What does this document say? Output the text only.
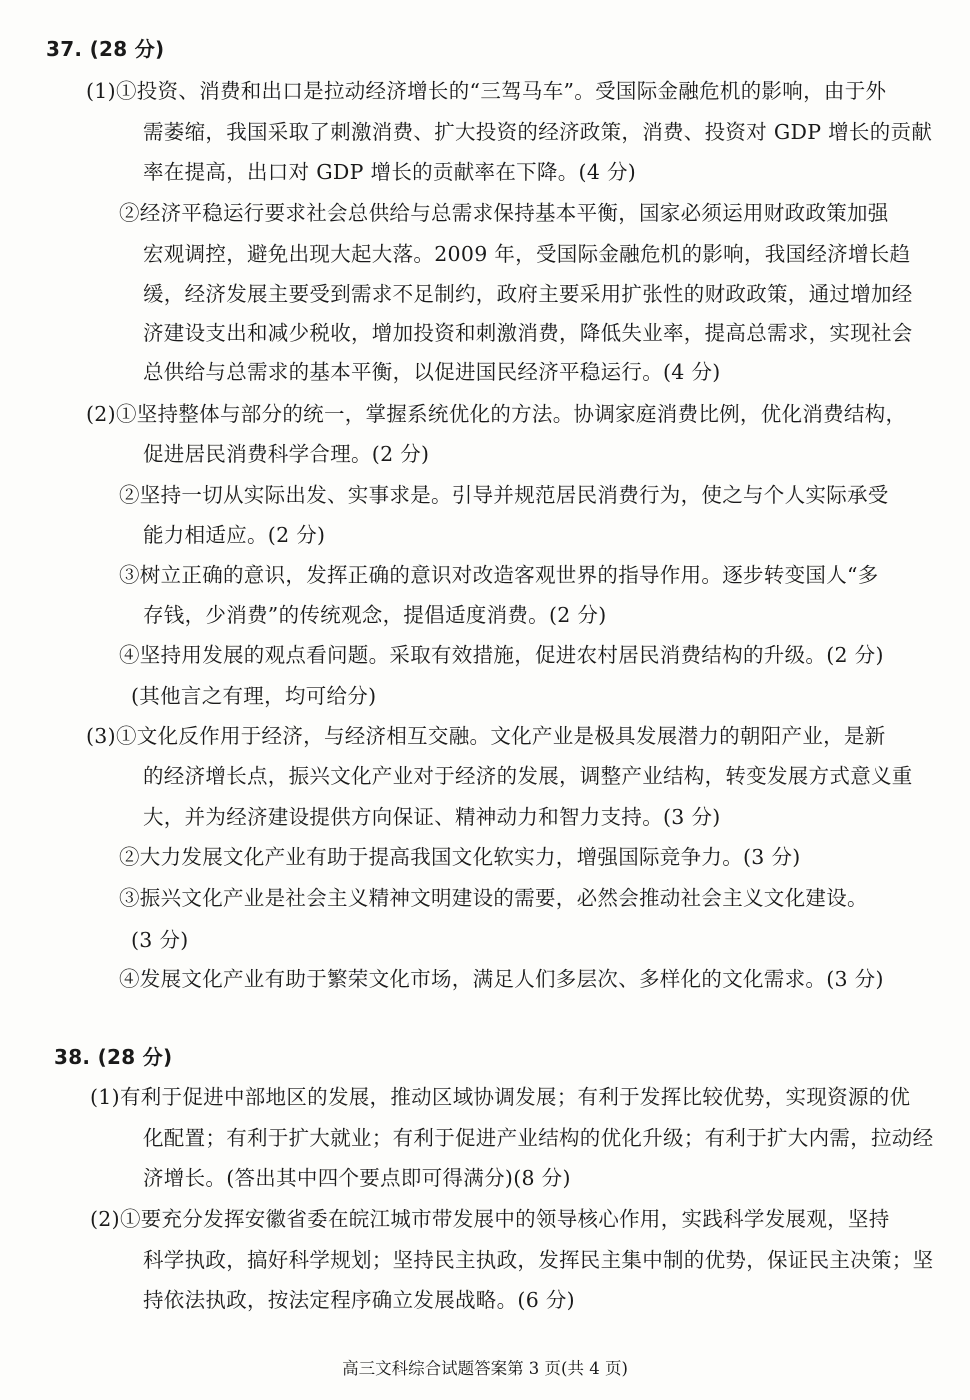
37. (28 分)
(1)①投资、消费和出口是拉动经济增长的“三驾马车”。受国际金融危机的影响，由于外
需萎缩，我国采取了刺激消费、扩大投资的经济政策，消费、投资对 GDP 增长的贡献
率在提高，出口对 GDP 增长的贡献率在下降。(4 分)
②经济平稳运行要求社会总供给与总需求保持基本平衡，国家必须运用财政政策加强
宏观调控，避免出现大起大落。2009 年，受国际金融危机的影响，我国经济增长趋
缓，经济发展主要受到需求不足制约，政府主要采用扩张性的财政政策，通过增加经
济建设支出和减少税收，增加投资和刺激消费，降低失业率，提高总需求，实现社会
总供给与总需求的基本平衡，以促进国民经济平稳运行。(4 分)
(2)①坚持整体与部分的统一，掌握系统优化的方法。协调家庭消费比例，优化消费结构，
促进居民消费科学合理。(2 分)
②坚持一切从实际出发、实事求是。引导并规范居民消费行为，使之与个人实际承受
能力相适应。(2 分)
③树立正确的意识，发挥正确的意识对改造客观世界的指导作用。逐步转变国人“多
存钱，少消费”的传统观念，提倡适度消费。(2 分)
④坚持用发展的观点看问题。采取有效措施，促进农村居民消费结构的升级。(2 分)
(其他言之有理，均可给分)
(3)①文化反作用于经济，与经济相互交融。文化产业是极具发展潜力的朝阳产业，是新
的经济增长点，振兴文化产业对于经济的发展，调整产业结构，转变发展方式意义重
大，并为经济建设提供方向保证、精神动力和智力支持。(3 分)
②大力发展文化产业有助于提高我国文化软实力，增强国际竞争力。(3 分)
③振兴文化产业是社会主义精神文明建设的需要，必然会推动社会主义文化建设。
(3 分)
④发展文化产业有助于繁荣文化市场，满足人们多层次、多样化的文化需求。(3 分)
38. (28 分)
(1)有利于促进中部地区的发展，推动区域协调发展；有利于发挥比较优势，实现资源的优
化配置；有利于扩大就业；有利于促进产业结构的优化升级；有利于扩大内需，拉动经
济增长。(答出其中四个要点即可得满分)(8 分)
(2)①要充分发挥安徽省委在皖江城市带发展中的领导核心作用，实践科学发展观，坚持
科学执政，搞好科学规划；坚持民主执政，发挥民主集中制的优势，保证民主决策；坚
持依法执政，按法定程序确立发展战略。(6 分)
高三文科综合试题答案第 3 页(共 4 页)
